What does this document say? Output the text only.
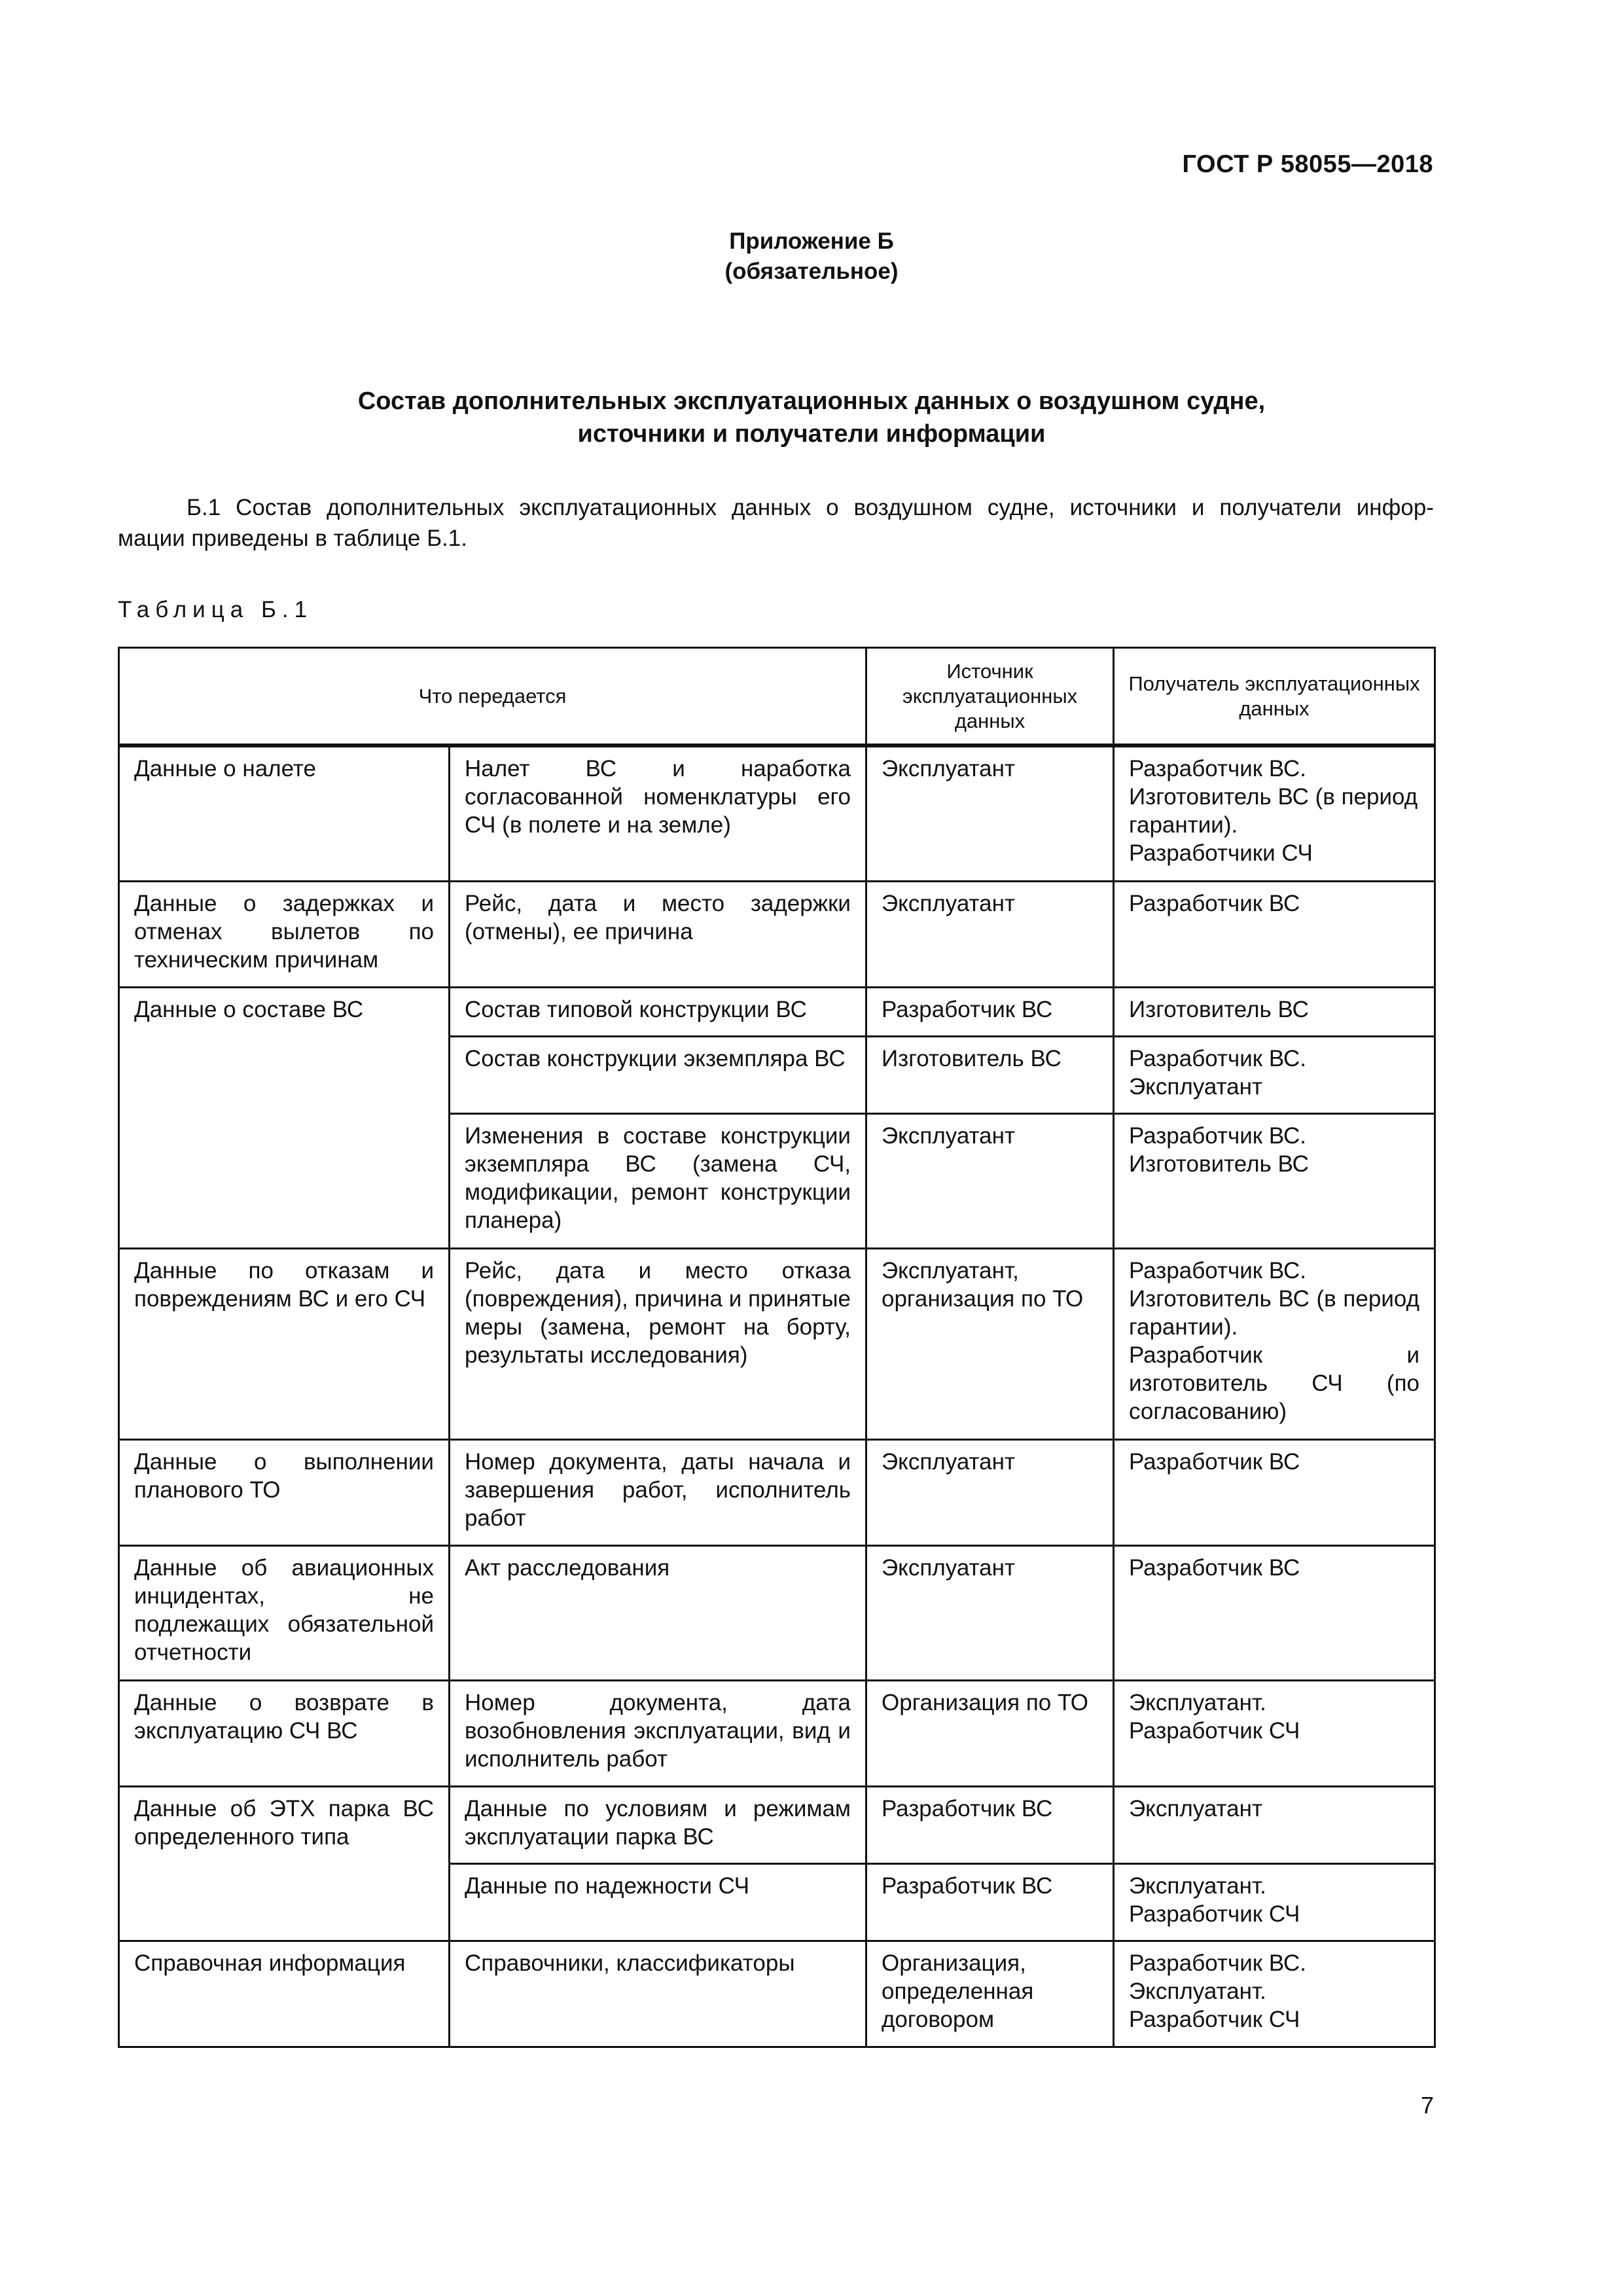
ГОСТ Р 58055—2018
Приложение Б
(обязательное)
Состав дополнительных эксплуатационных данных о воздушном судне,
источники и получатели информации
Б.1 Состав дополнительных эксплуатационных данных о воздушном судне, источники и получатели инфор-
мации приведены в таблице Б.1.
Таблица Б.1
Что передается		Источник эксплуатационных данных	Получатель эксплуатационных данных

Данные о налете	Налет ВС и наработка согласованной номенклатуры его СЧ (в полете и на земле)	Эксплуатант	Разработчик ВС.
Изготовитель ВС (в период гарантии).
Разработчики СЧ

Данные о задержках и отменах вылетов по техническим причинам	Рейс, дата и место задержки (отмены), ее причина	Эксплуатант	Разработчик ВС

Данные о составе ВС	Состав типовой конструкции ВС	Разработчик ВС	Изготовитель ВС

	Состав конструкции экземпляра ВС	Изготовитель ВС	Разработчик ВС.
Эксплуатант

	Изменения в составе конструкции экземпляра ВС (замена СЧ, модификации, ремонт конструкции планера)	Эксплуатант	Разработчик ВС.
Изготовитель ВС

Данные по отказам и повреждениям ВС и его СЧ	Рейс, дата и место отказа (повреждения), причина и принятые меры (замена, ремонт на борту, результаты исследования)	Эксплуатант, организация по ТО	Разработчик ВС.
Изготовитель ВС (в период гарантии).
Разработчик и изготовитель СЧ (по согласованию)

Данные о выполнении планового ТО	Номер документа, даты начала и завершения работ, исполнитель работ	Эксплуатант	Разработчик ВС

Данные об авиационных инцидентах, не подлежащих обязательной отчетности	Акт расследования	Эксплуатант	Разработчик ВС

Данные о возврате в эксплуатацию СЧ ВС	Номер документа, дата возобновления эксплуатации, вид и исполнитель работ	Организация по ТО	Эксплуатант.
Разработчик СЧ

Данные об ЭТХ парка ВС определенного типа	Данные по условиям и режимам эксплуатации парка ВС	Разработчик ВС	Эксплуатант

	Данные по надежности СЧ	Разработчик ВС	Эксплуатант.
Разработчик СЧ

Справочная информация	Справочники, классификаторы	Организация, определенная договором	Разработчик ВС.
Эксплуатант.
Разработчик СЧ
7
